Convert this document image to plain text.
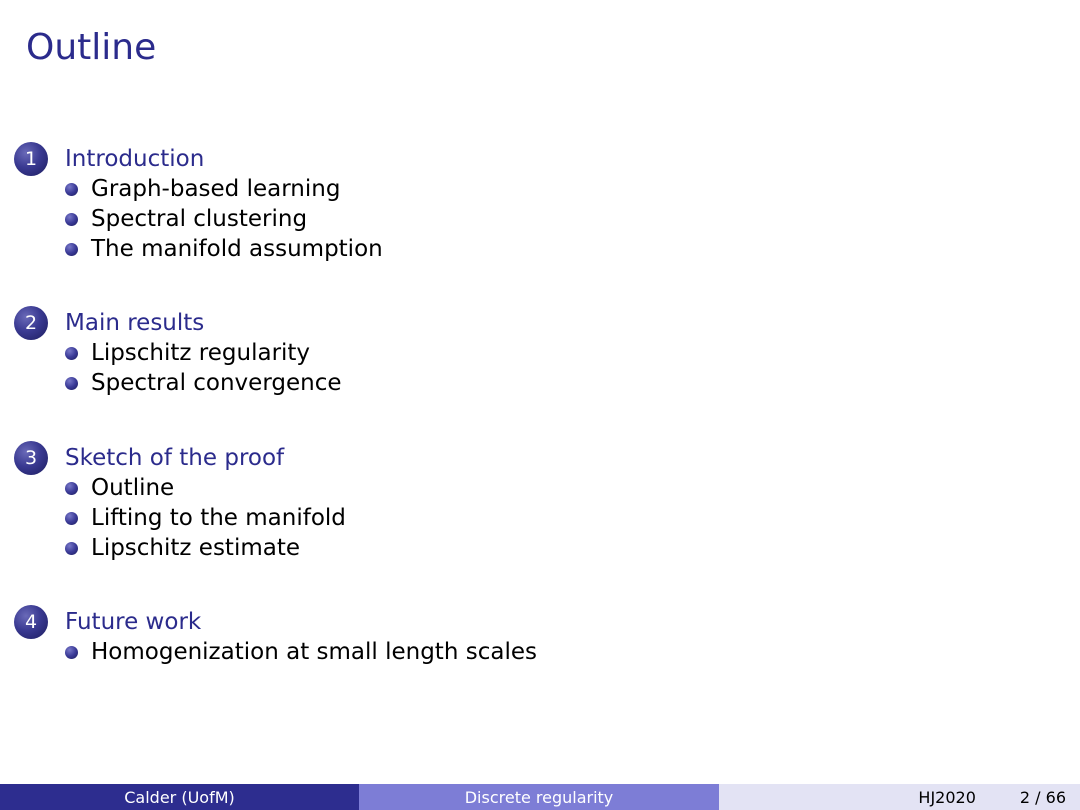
Outline
1	Introduction
Graph-based learning
Spectral clustering
The manifold assumption
2	Main results
Lipschitz regularity
Spectral convergence
3	Sketch of the proof
Outline
Lifting to the manifold
Lipschitz estimate
4	Future work
Homogenization at small length scales
Calder (UofM)	Discrete regularity	HJ2020	2 / 66
